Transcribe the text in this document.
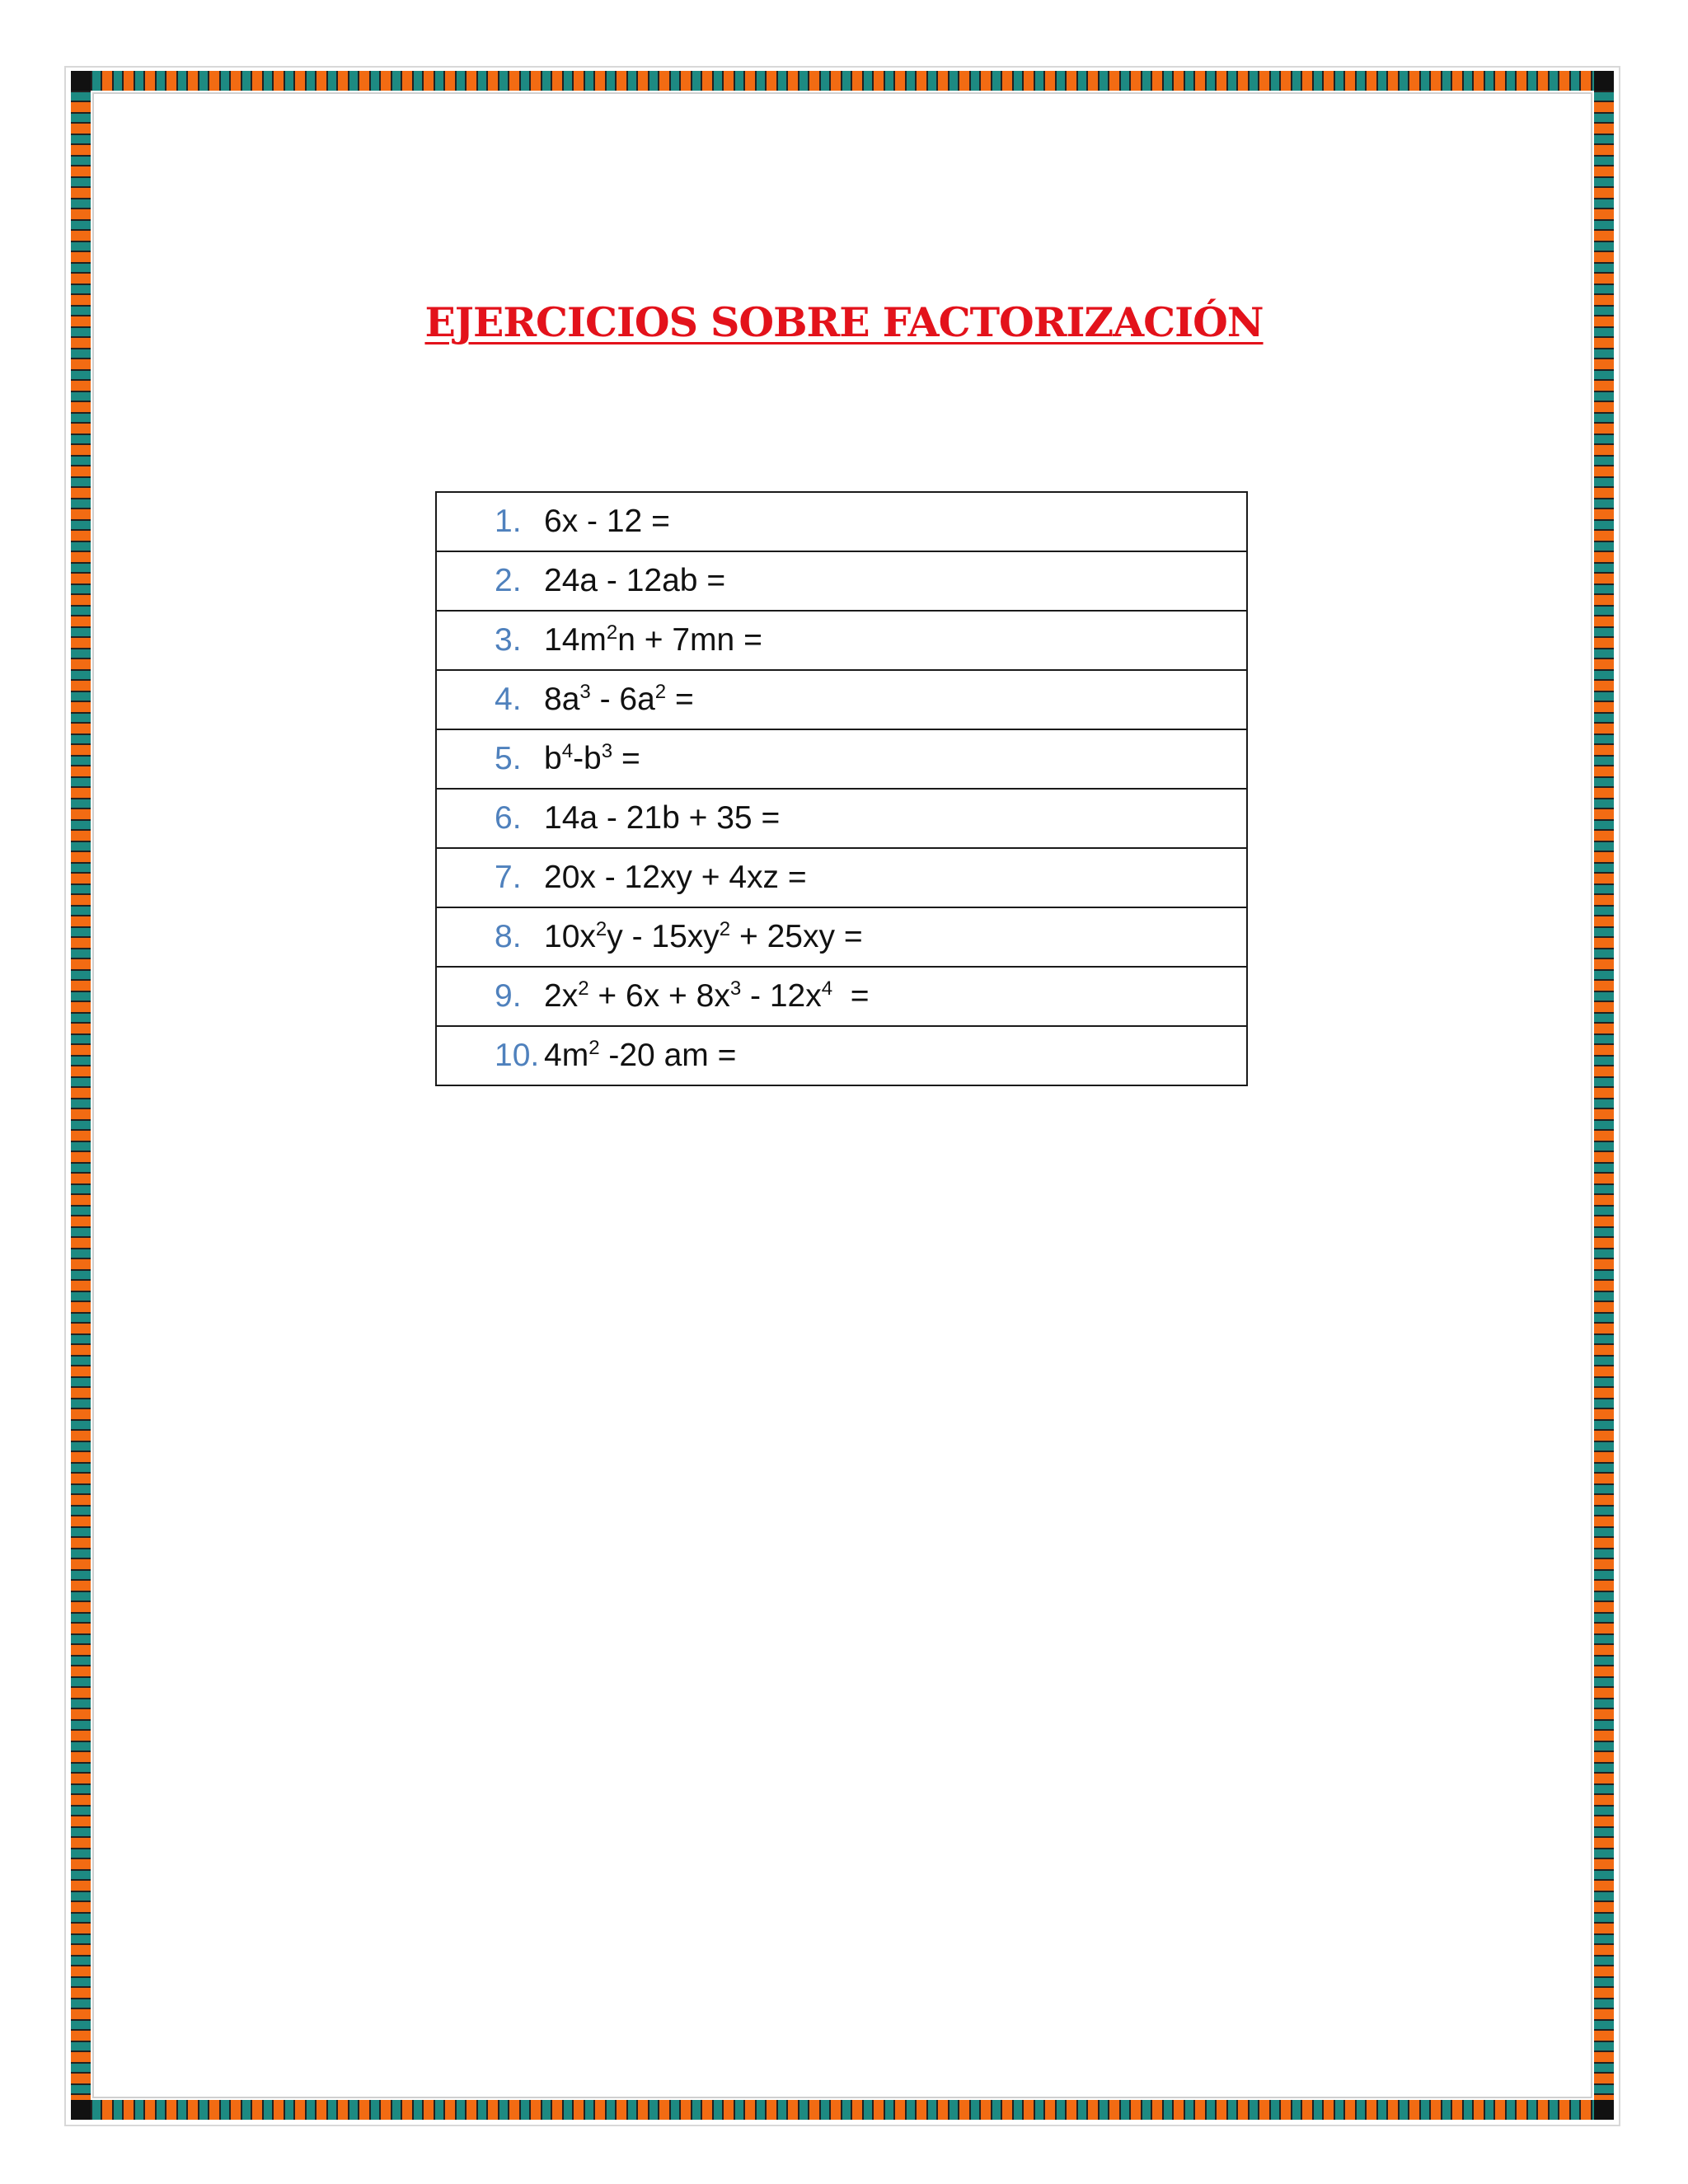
EJERCICIOS SOBRE FACTORIZACIÓN
1. 6x - 12 =
2. 24a - 12ab =
3. $14m^2n + 7mn$ =
4. $8a^3 - 6a^2$ =
5. $b^4-b^3$ =
6. 14a - 21b + 35 =
7. 20x - 12xy + 4xz =
8. $10x^2y - 15xy^2 + 25xy$ =
9. $2x^2 + 6x + 8x^3 - 12x^4$  =
10. $4m^2$ -20 am =
